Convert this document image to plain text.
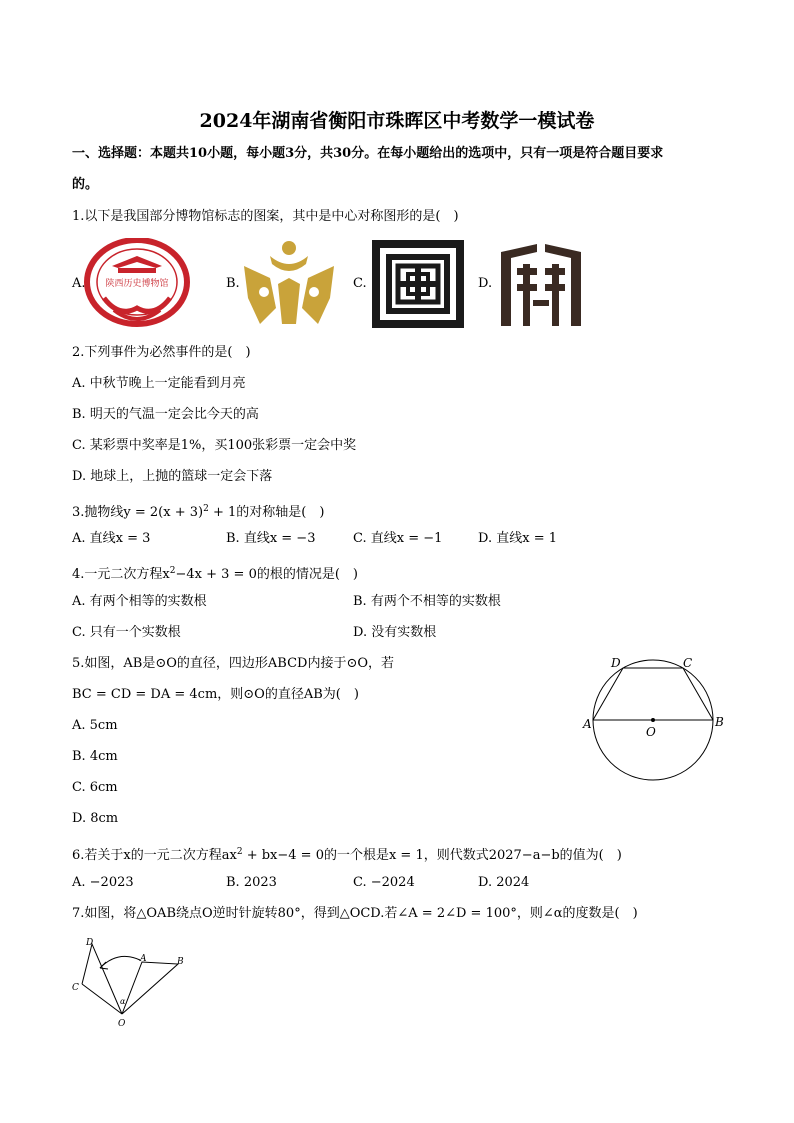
2024年湖南省衡阳市珠晖区中考数学一模试卷
一、选择题：本题共10小题，每小题3分，共30分。在每小题给出的选项中，只有一项是符合题目要求
的。
1.以下是我国部分博物馆标志的图案，其中是中心对称图形的是(　)
A. 陕西历史博物馆	B.	C.	D.
2.下列事件为必然事件的是(　)
A. 中秋节晚上一定能看到月亮
B. 明天的气温一定会比今天的高
C. 某彩票中奖率是1%，买100张彩票一定会中奖
D. 地球上，上抛的篮球一定会下落
3.抛物线$y = 2(x + 3)^2 + 1$的对称轴是(　)
A. 直线x = 3	B. 直线x = −3	C. 直线x = −1	D. 直线x = 1
4.一元二次方程$x^2-4x + 3 = 0$的根的情况是(　)
A. 有两个相等的实数根	B. 有两个不相等的实数根
C. 只有一个实数根	D. 没有实数根
5.如图，AB是⊙O的直径，四边形ABCD内接于⊙O，若
BC = CD = DA = 4cm，则⊙O的直径AB为(　)
A. 5cm
B. 4cm
C. 6cm
D. 8cm
D	C
A	B
O
6.若关于x的一元二次方程$ax^2 + bx-4 = 0$的一个根是x = 1，则代数式2027−a−b的值为(　)
A. −2023	B. 2023	C. −2024	D. 2024
7.如图，将△OAB绕点O逆时针旋转80°，得到△OCD.若∠A = 2∠D = 100°，则∠α的度数是(　)
D
A	B
C
O
α
